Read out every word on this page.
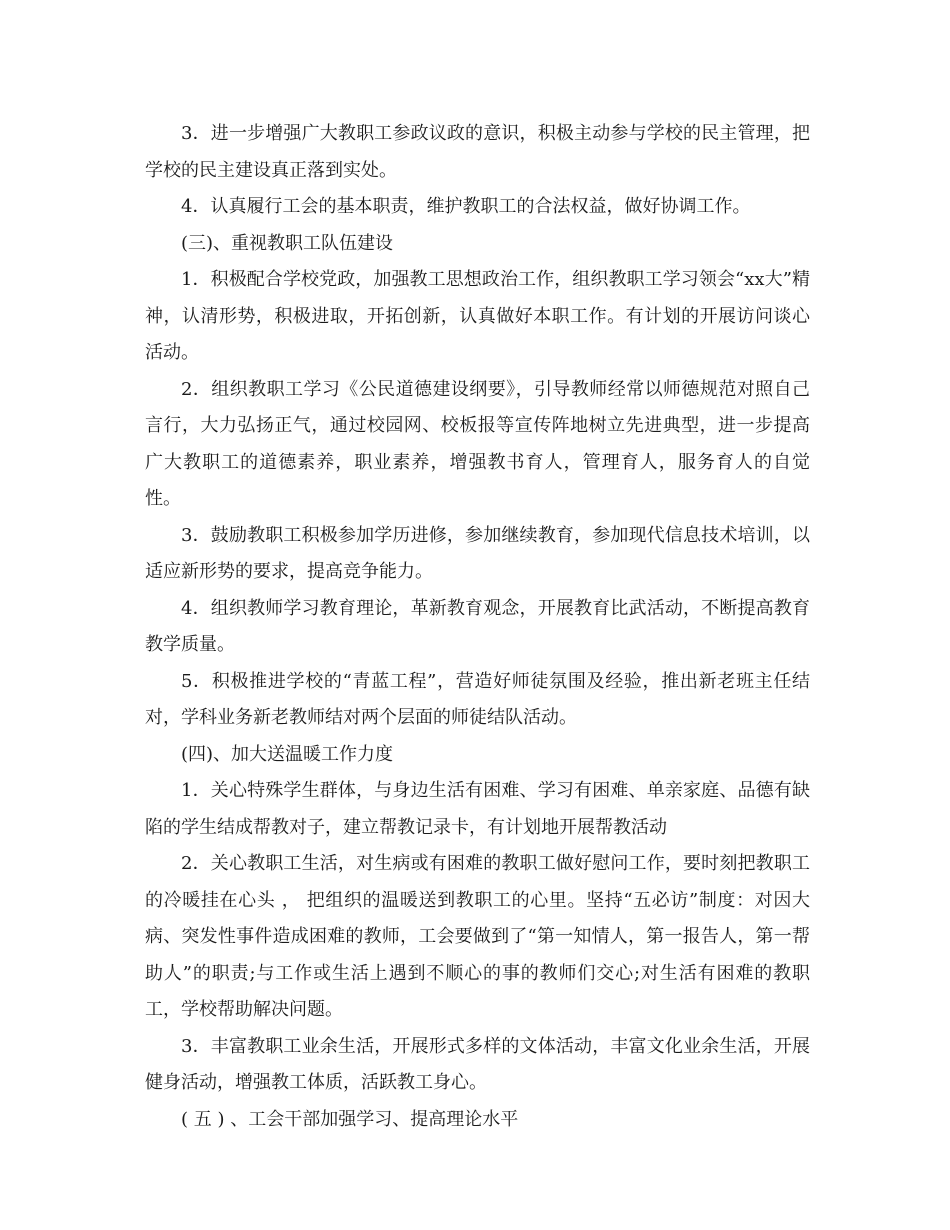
3．进一步增强广大教职工参政议政的意识，积极主动参与学校的民主管理，把学校的民主建设真正落到实处。

4．认真履行工会的基本职责，维护教职工的合法权益，做好协调工作。

(三)、重视教职工队伍建设

1．积极配合学校党政，加强教工思想政治工作，组织教职工学习领会“xx大”精神，认清形势，积极进取，开拓创新，认真做好本职工作。有计划的开展访问谈心活动。

2．组织教职工学习《公民道德建设纲要》，引导教师经常以师德规范对照自己言行，大力弘扬正气，通过校园网、校板报等宣传阵地树立先进典型，进一步提高广大教职工的道德素养，职业素养，增强教书育人，管理育人，服务育人的自觉性。

3．鼓励教职工积极参加学历进修，参加继续教育，参加现代信息技术培训，以适应新形势的要求，提高竞争能力。

4．组织教师学习教育理论，革新教育观念，开展教育比武活动，不断提高教育教学质量。

5．积极推进学校的“青蓝工程”，营造好师徒氛围及经验，推出新老班主任结对，学科业务新老教师结对两个层面的师徒结队活动。

(四)、加大送温暖工作力度

1．关心特殊学生群体，与身边生活有困难、学习有困难、单亲家庭、品德有缺陷的学生结成帮教对子，建立帮教记录卡，有计划地开展帮教活动

2．关心教职工生活，对生病或有困难的教职工做好慰问工作，要时刻把教职工的冷暖挂在心头 ， 把组织的温暖送到教职工的心里。坚持“五必访”制度：对因大病、突发性事件造成困难的教师，工会要做到了“第一知情人，第一报告人，第一帮助人”的职责;与工作或生活上遇到不顺心的事的教师们交心;对生活有困难的教职工，学校帮助解决问题。

3．丰富教职工业余生活，开展形式多样的文体活动，丰富文化业余生活，开展健身活动，增强教工体质，活跃教工身心。

( 五 ) 、工会干部加强学习、提高理论水平
